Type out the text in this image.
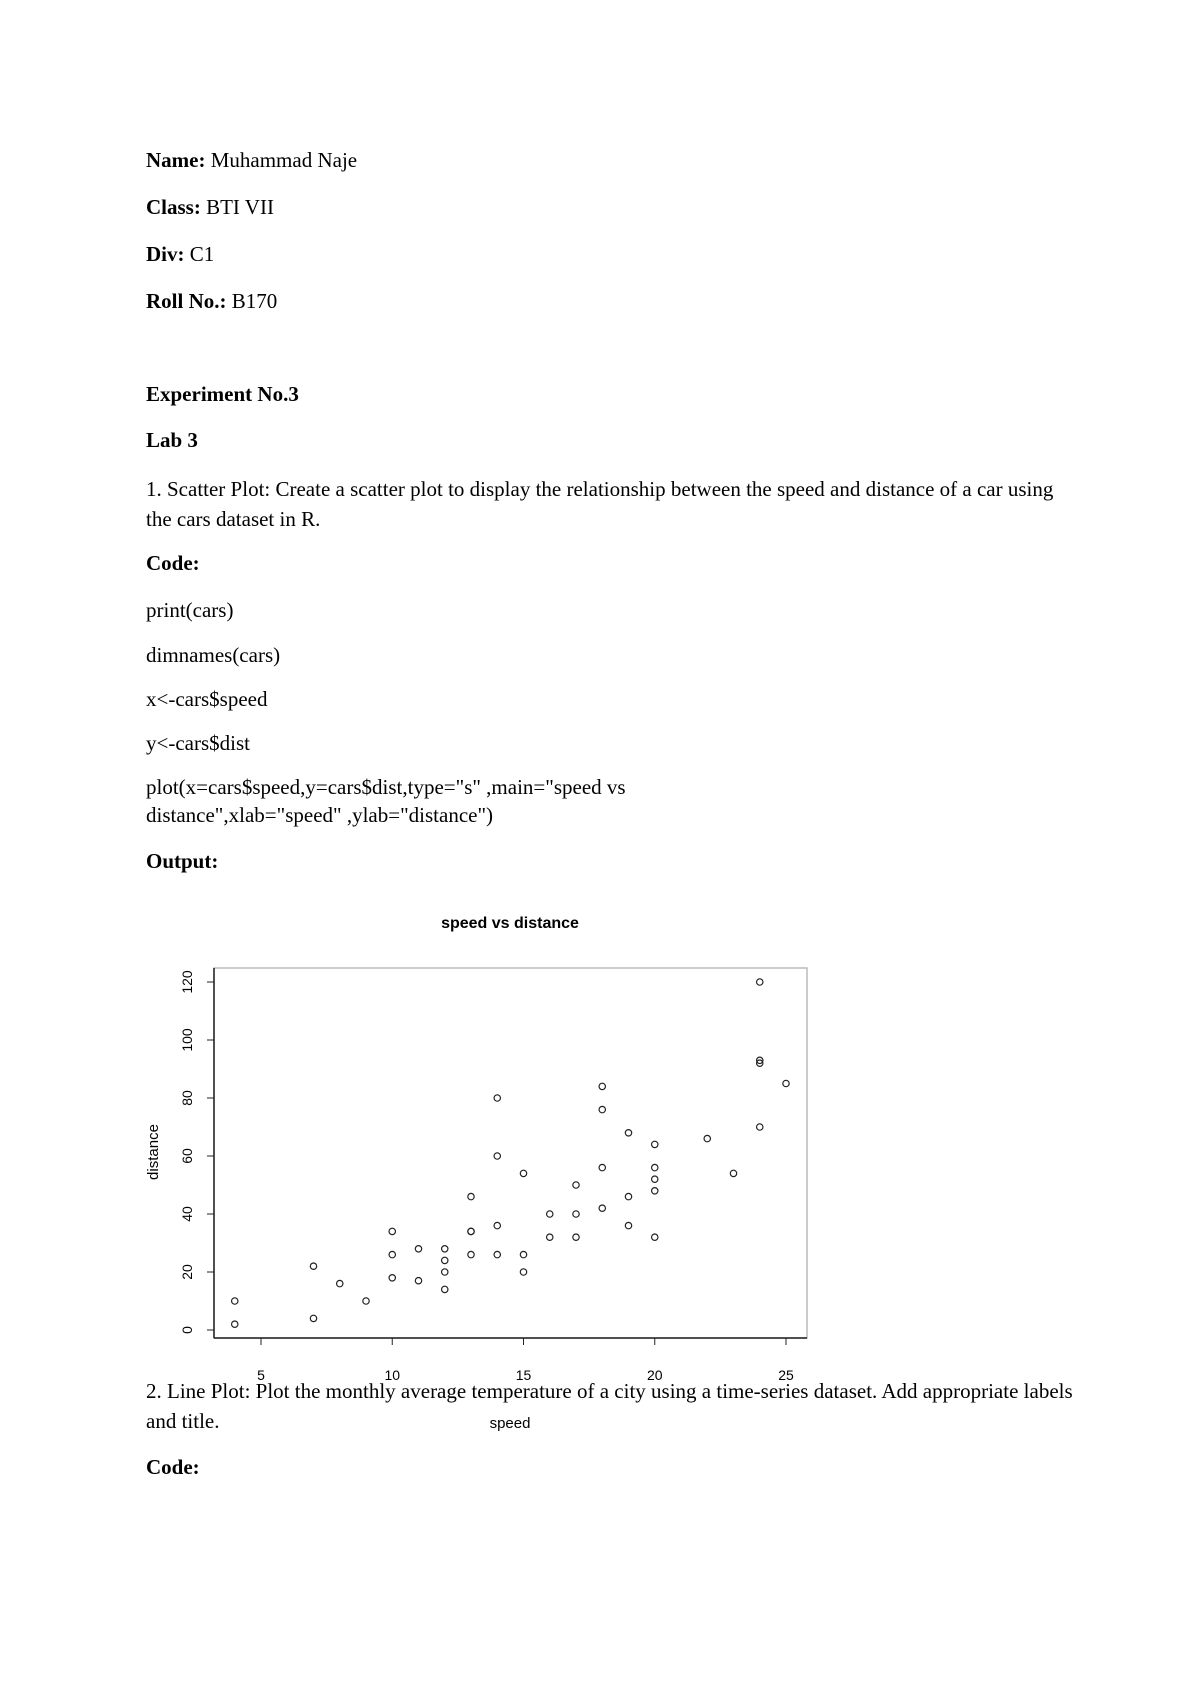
Name: Muhammad Naje
Class: BTI VII
Div: C1
Roll No.: B170
Experiment No.3
Lab 3
1. Scatter Plot: Create a scatter plot to display the relationship between the speed and distance of a car using the cars dataset in R.
Code:
print(cars)
dimnames(cars)
x<-cars$speed
y<-cars$dist
plot(x=cars$speed,y=cars$dist,type="s" ,main="speed vs distance",xlab="speed" ,ylab="distance")
Output:
speed vs distance
5	10	15	20	25
0
20
40
60
80
100
120
speed
distance
2. Line Plot: Plot the monthly average temperature of a city using a time-series dataset. Add appropriate labels and title.
Code:
